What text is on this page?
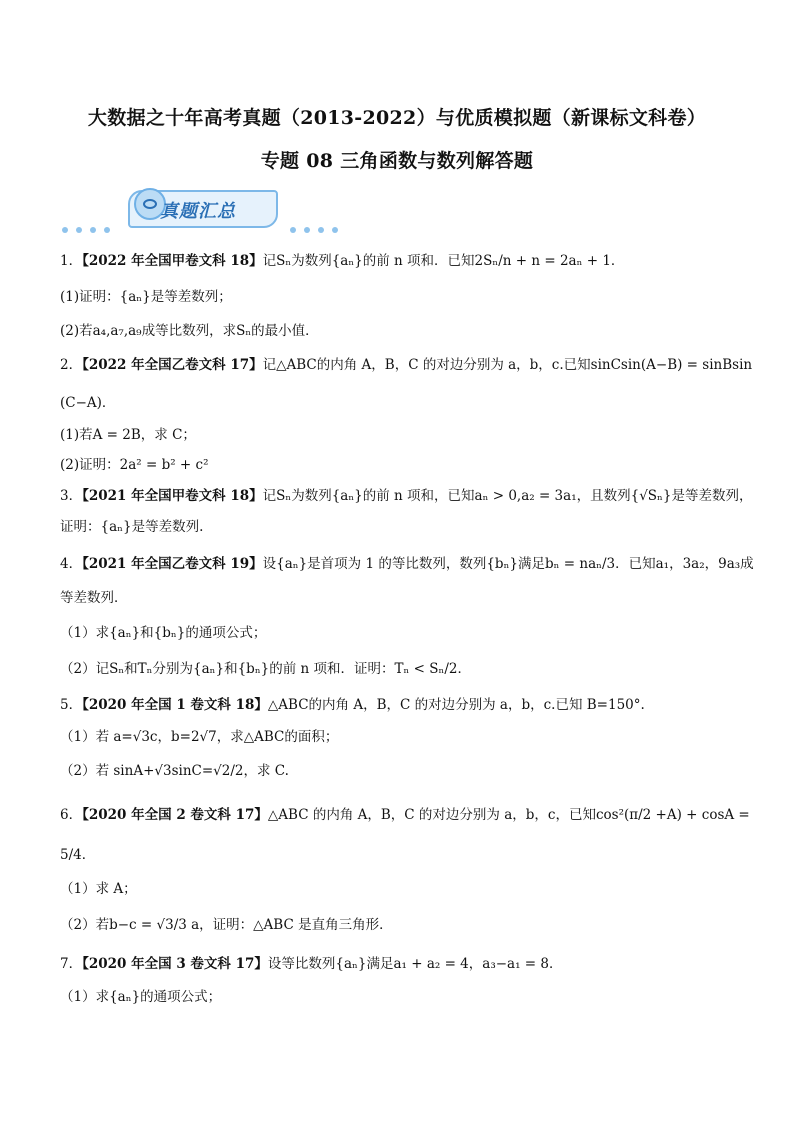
大数据之十年高考真题（2013-2022）与优质模拟题（新课标文科卷）
专题 08 三角函数与数列解答题
真题汇总
1．【2022 年全国甲卷文科 18】记Sₙ为数列{aₙ}的前 n 项和．已知2Sₙ/n + n = 2aₙ + 1．
(1)证明：{aₙ}是等差数列；
(2)若a₄,a₇,a₉成等比数列，求Sₙ的最小值．
2．【2022 年全国乙卷文科 17】记△ABC的内角 A，B，C 的对边分别为 a，b，c.已知sinCsin(A−B) = sinBsin
(C−A)．
(1)若A = 2B，求 C；
(2)证明：2a² = b² + c²
3．【2021 年全国甲卷文科 18】记Sₙ为数列{aₙ}的前 n 项和，已知aₙ > 0,a₂ = 3a₁，且数列{√Sₙ}是等差数列，
证明：{aₙ}是等差数列.
4．【2021 年全国乙卷文科 19】设{aₙ}是首项为 1 的等比数列，数列{bₙ}满足bₙ = naₙ/3．已知a₁，3a₂，9a₃成
等差数列．
（1）求{aₙ}和{bₙ}的通项公式；
（2）记Sₙ和Tₙ分别为{aₙ}和{bₙ}的前 n 项和．证明：Tₙ < Sₙ/2．
5．【2020 年全国 1 卷文科 18】△ABC的内角 A，B，C 的对边分别为 a，b，c.已知 B=150°.
（1）若 a=√3c，b=2√7，求△ABC的面积；
（2）若 sinA+√3sinC=√2/2，求 C.
6．【2020 年全国 2 卷文科 17】△ABC 的内角 A，B，C 的对边分别为 a，b，c，已知cos²(π/2 +A) + cosA =
5/4．
（1）求 A；
（2）若b−c = √3/3 a，证明：△ABC 是直角三角形．
7．【2020 年全国 3 卷文科 17】设等比数列{aₙ}满足a₁ + a₂ = 4，a₃−a₁ = 8．
（1）求{aₙ}的通项公式；
